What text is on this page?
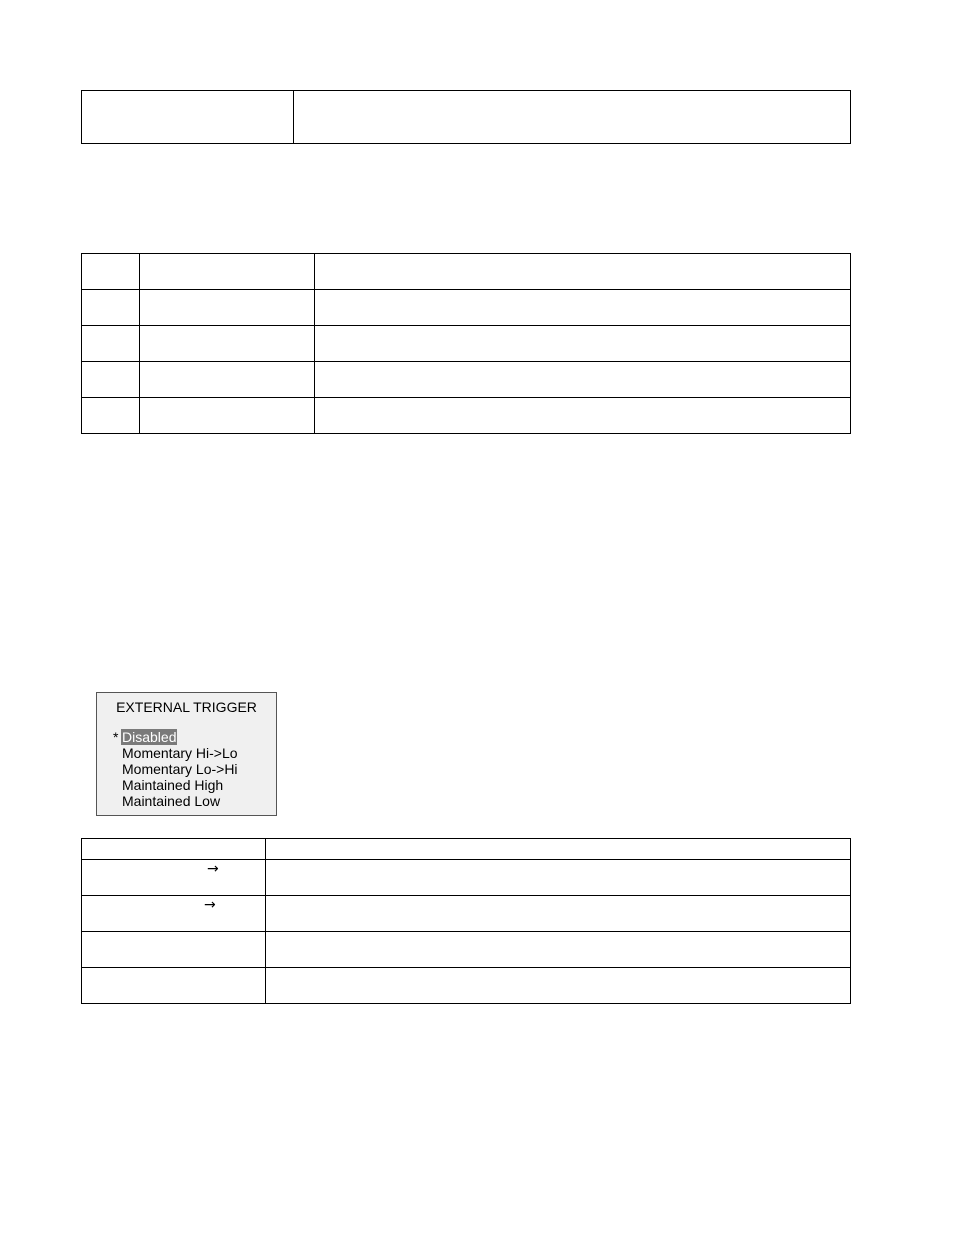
EXTERNAL TRIGGER
* Disabled
Momentary Hi->Lo
Momentary Lo->Hi
Maintained High
Maintained Low

→	

→	
